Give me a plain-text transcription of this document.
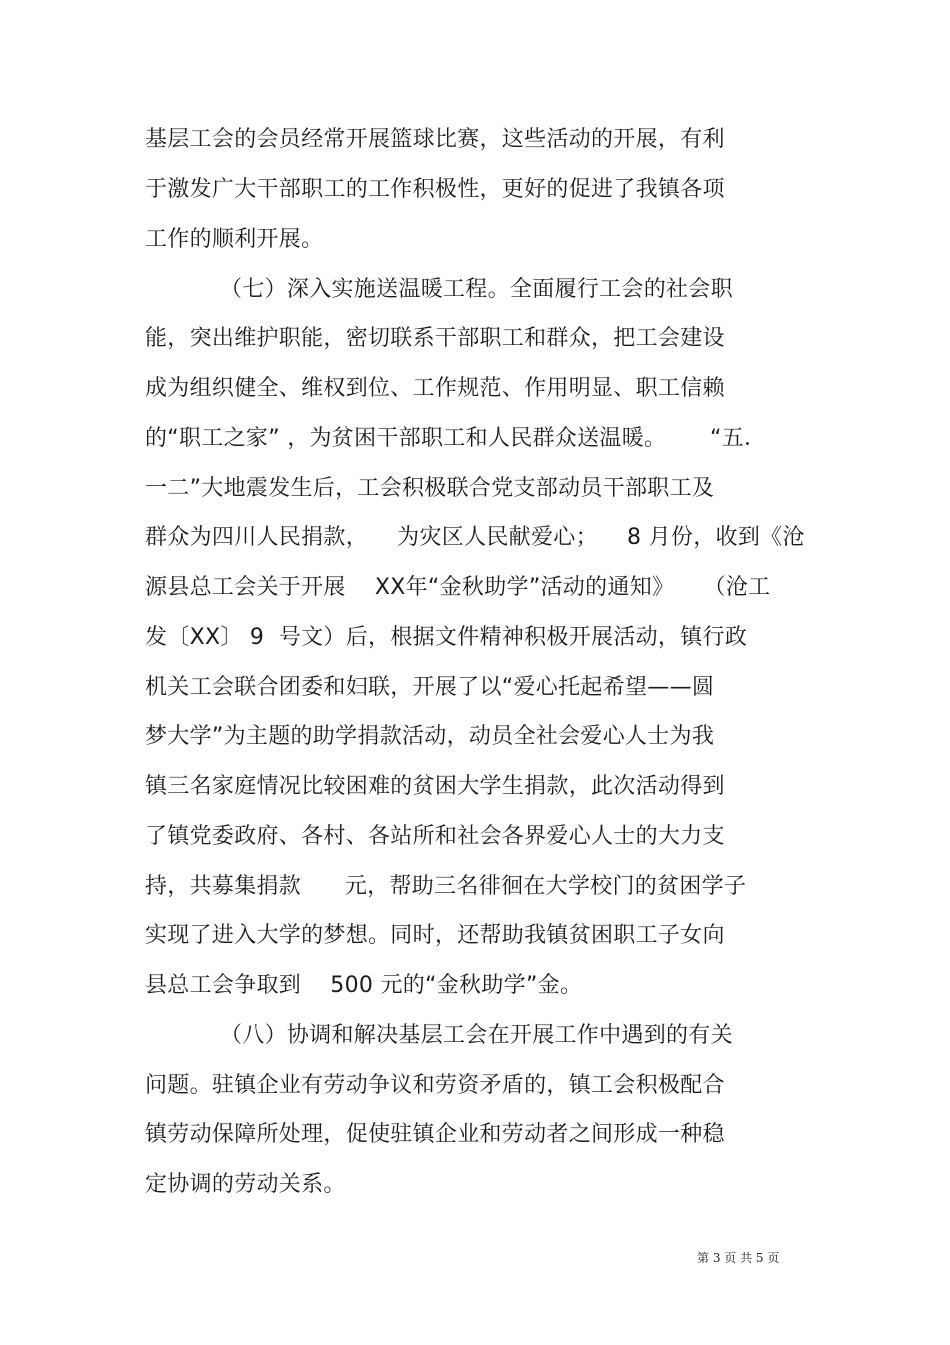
基层工会的会员经常开展篮球比赛，这些活动的开展，有利
于激发广大干部职工的工作积极性，更好的促进了我镇各项
工作的顺利开展。
（七）深入实施送温暖工程。全面履行工会的社会职
能，突出维护职能，密切联系干部职工和群众，把工会建设
成为组织健全、维权到位、工作规范、作用明显、职工信赖
的“职工之家” ，为贫困干部职工和人民群众送温暖。      “五．
一二”大地震发生后，工会积极联合党支部动员干部职工及
群众为四川人民捐款，    为灾区人民献爱心；    8 月份，收到《沧
源县总工会关于开展    XX年“金秋助学”活动的通知》    （沧工
发〔XX〕 9  号文）后，根据文件精神积极开展活动，镇行政
机关工会联合团委和妇联，开展了以“爱心托起希望——圆
梦大学”为主题的助学捐款活动，动员全社会爱心人士为我
镇三名家庭情况比较困难的贫困大学生捐款，此次活动得到
了镇党委政府、各村、各站所和社会各界爱心人士的大力支
持，共募集捐款      元，帮助三名徘徊在大学校门的贫困学子
实现了进入大学的梦想。同时，还帮助我镇贫困职工子女向
县总工会争取到    500 元的“金秋助学”金。
（八）协调和解决基层工会在开展工作中遇到的有关
问题。驻镇企业有劳动争议和劳资矛盾的，镇工会积极配合
镇劳动保障所处理，促使驻镇企业和劳动者之间形成一种稳
定协调的劳动关系。
第 3 页 共 5 页
